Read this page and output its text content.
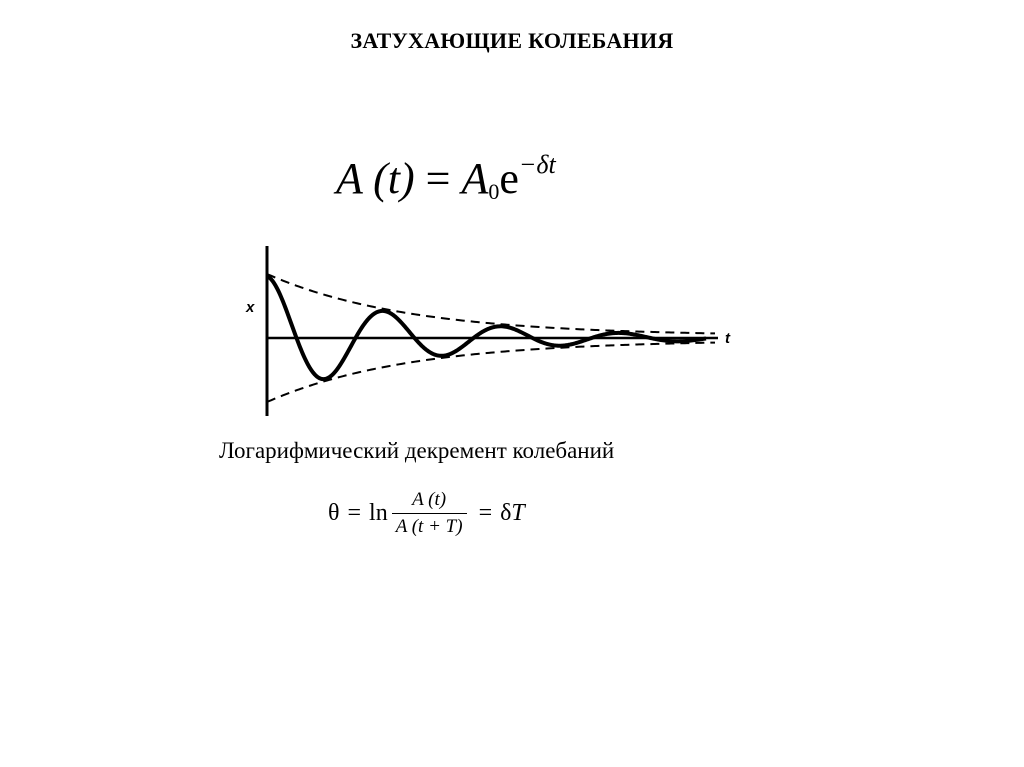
ЗАТУХАЮЩИЕ КОЛЕБАНИЯ
A $(t) = A_0e^{-\delta t}$
x
t
Логарифмический декремент колебаний
$\theta = \ln \frac{A (t)}{A (t + T)} = \delta$ T
